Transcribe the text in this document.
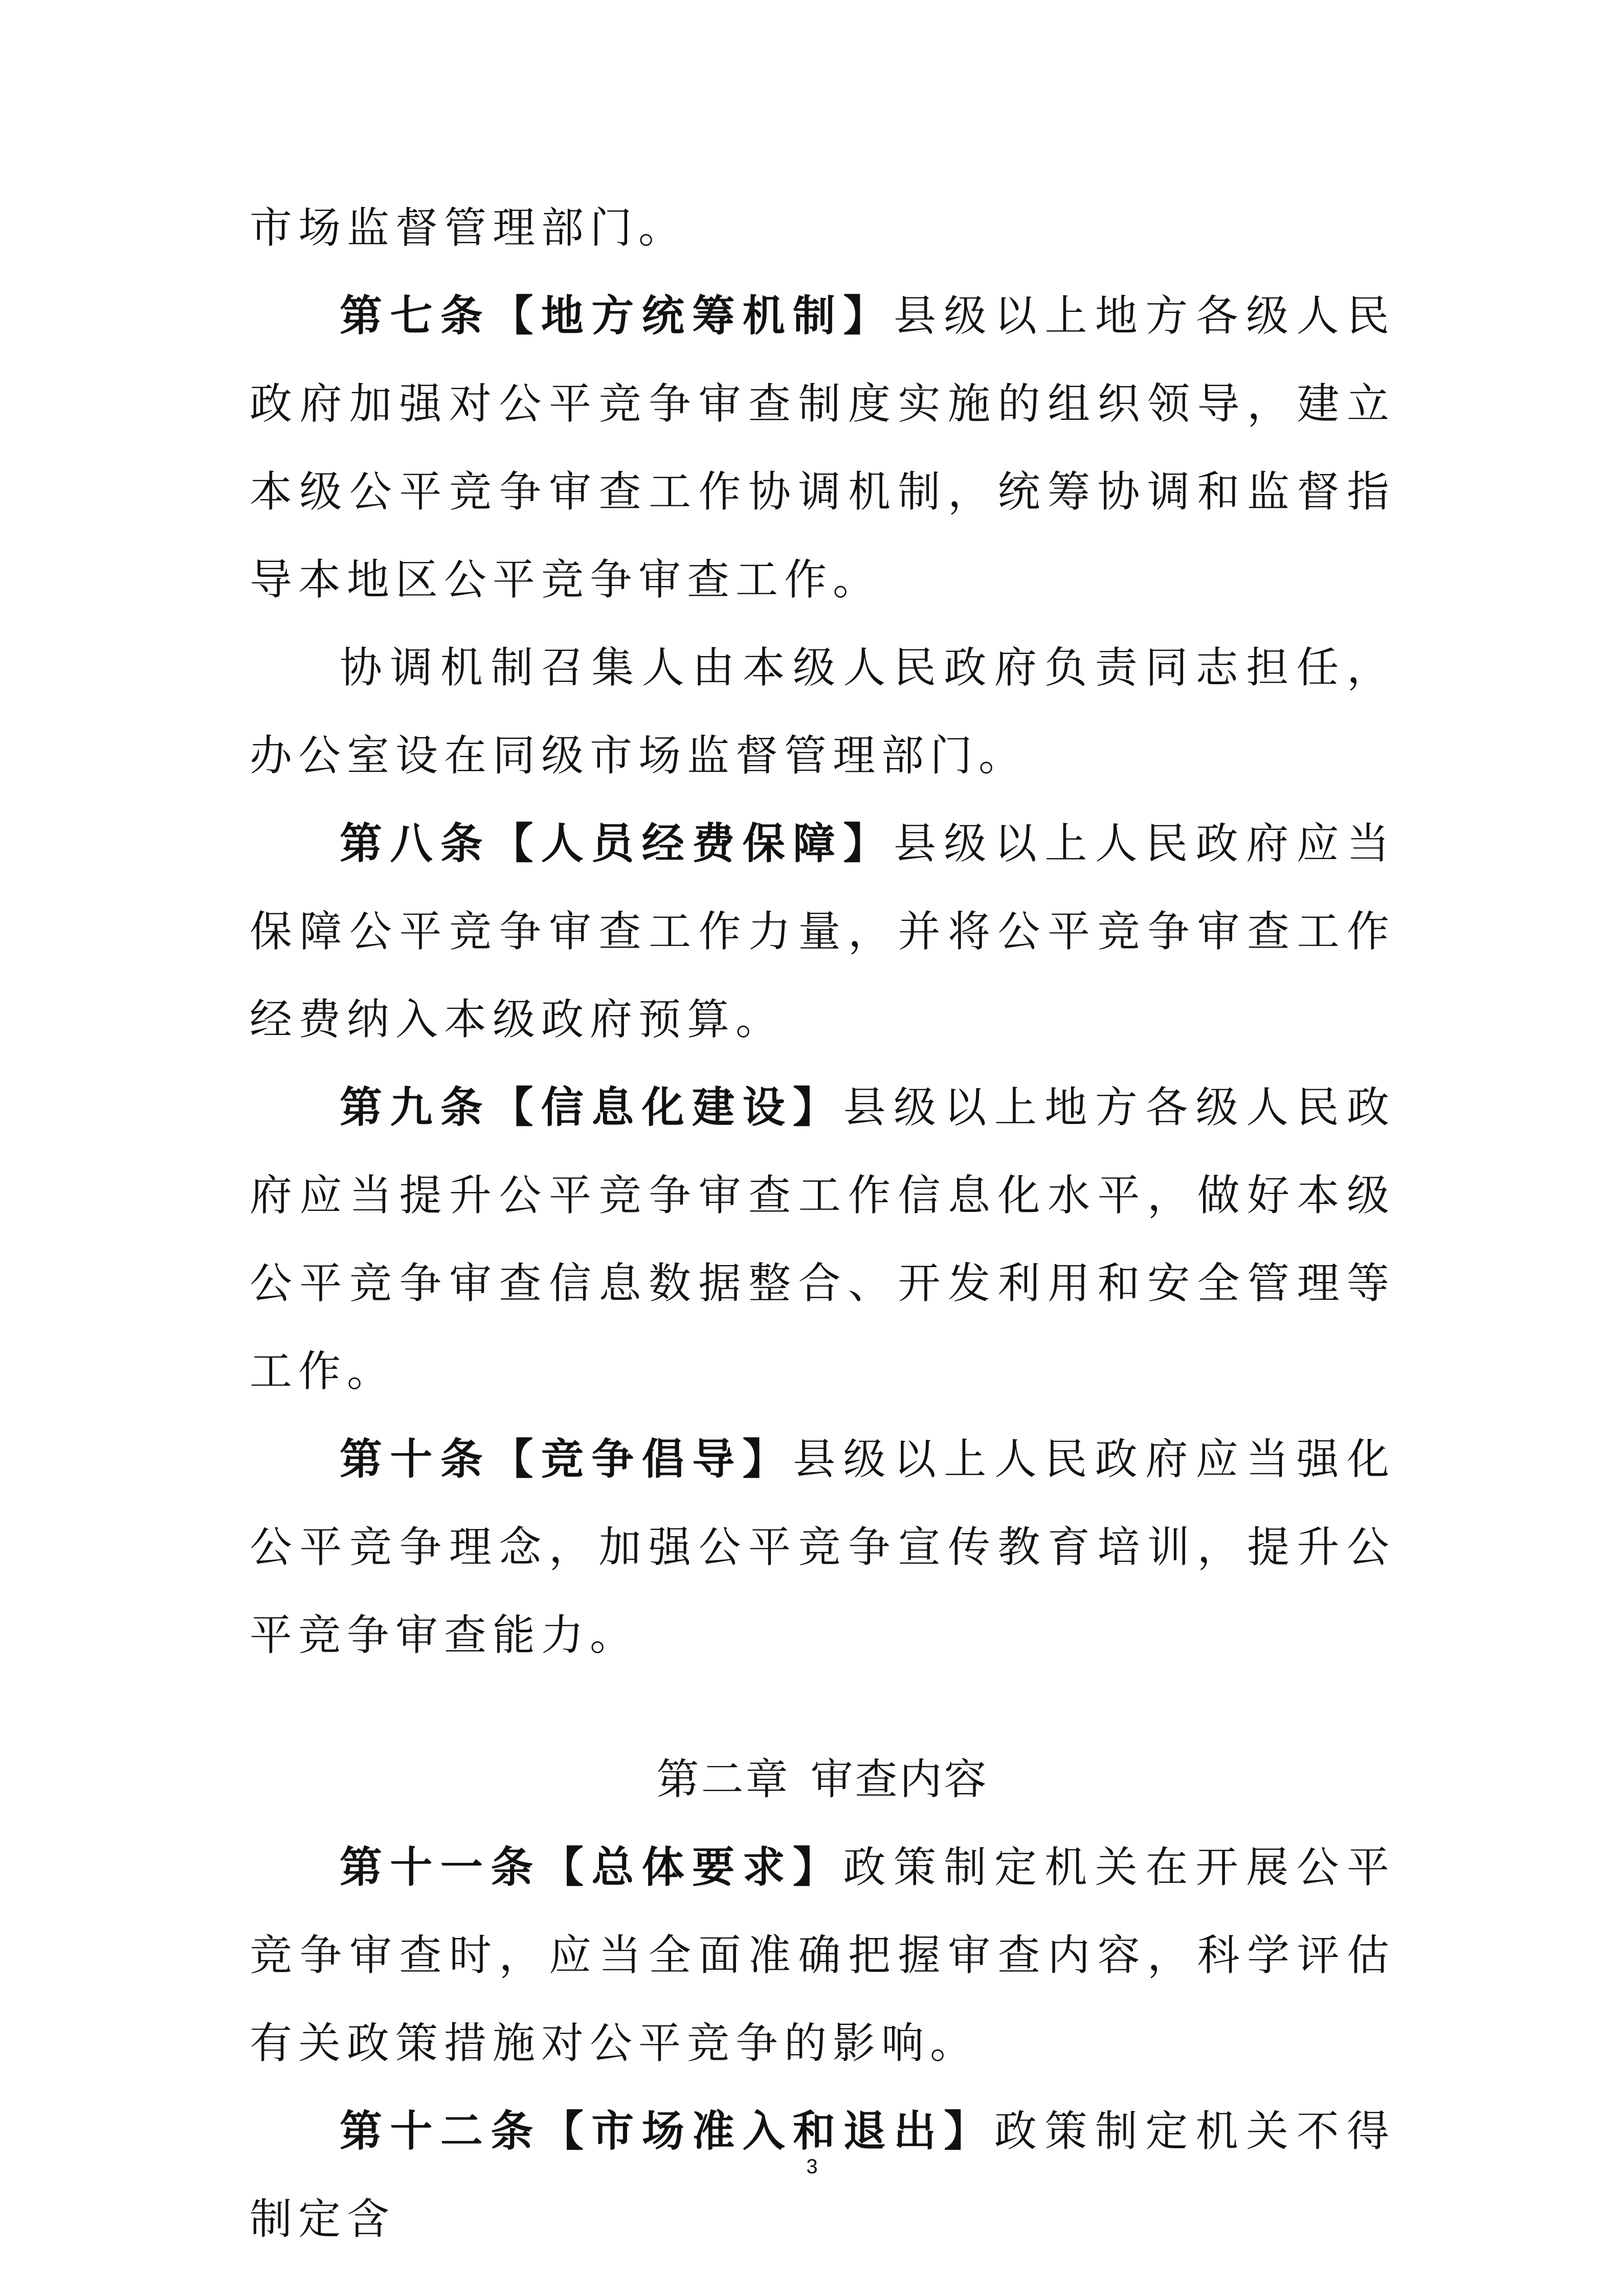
市场监督管理部门。

第七条【地方统筹机制】县级以上地方各级人民政府加强对公平竞争审查制度实施的组织领导，建立本级公平竞争审查工作协调机制，统筹协调和监督指导本地区公平竞争审查工作。

协调机制召集人由本级人民政府负责同志担任，办公室设在同级市场监督管理部门。

第八条【人员经费保障】县级以上人民政府应当保障公平竞争审查工作力量，并将公平竞争审查工作经费纳入本级政府预算。

第九条【信息化建设】县级以上地方各级人民政府应当提升公平竞争审查工作信息化水平，做好本级公平竞争审查信息数据整合、开发利用和安全管理等工作。

第十条【竞争倡导】县级以上人民政府应当强化公平竞争理念，加强公平竞争宣传教育培训，提升公平竞争审查能力。

第二章 审查内容

第十一条【总体要求】政策制定机关在开展公平竞争审查时，应当全面准确把握审查内容，科学评估有关政策措施对公平竞争的影响。

第十二条【市场准入和退出】政策制定机关不得制定含

3
